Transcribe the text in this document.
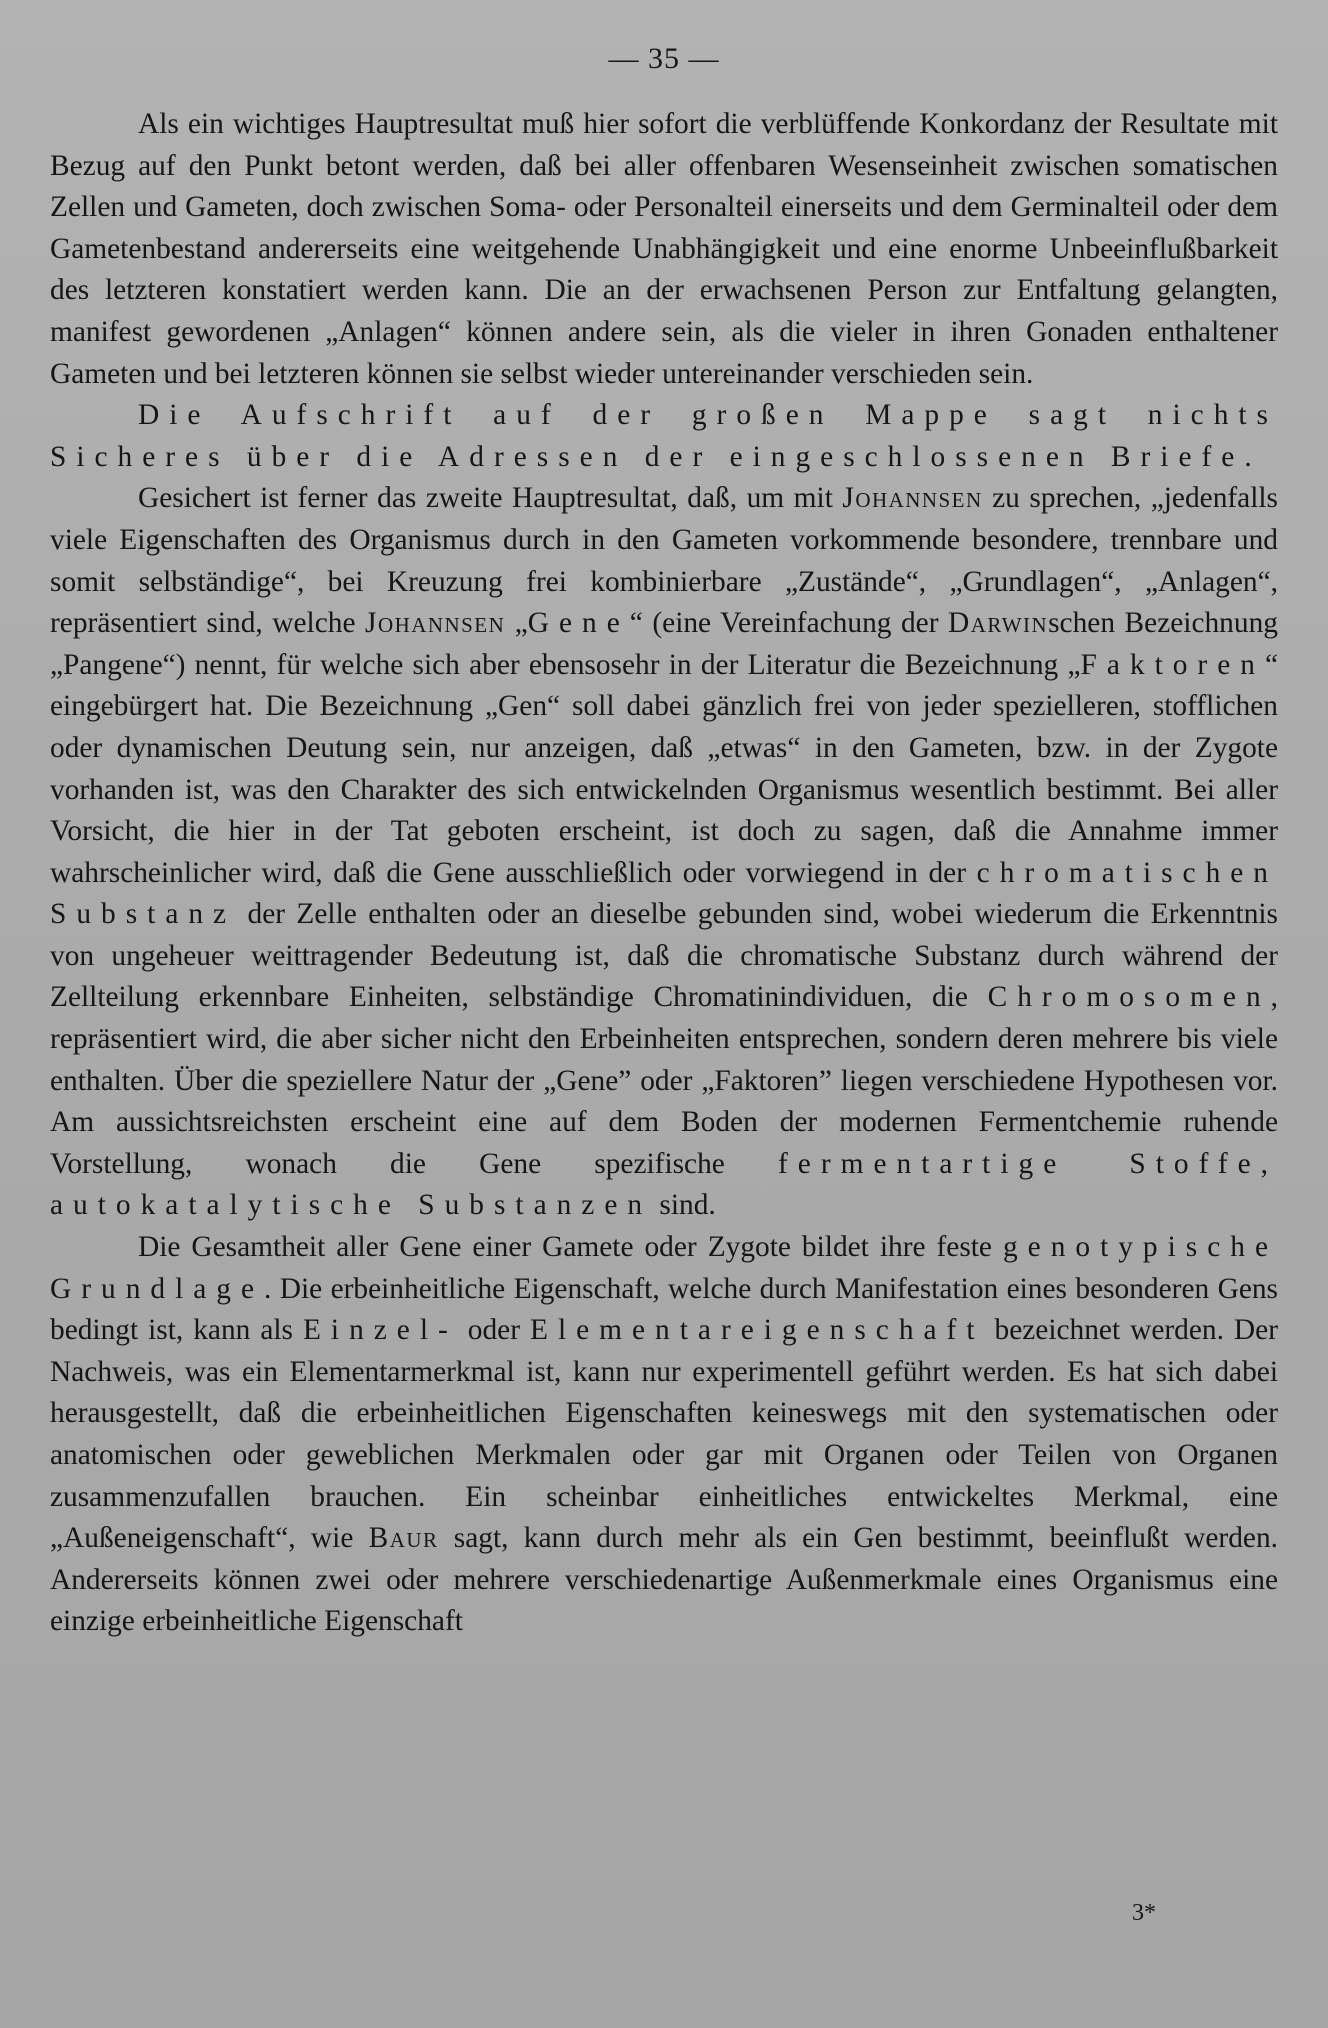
— 35 —

Als ein wichtiges Hauptresultat muß hier sofort die verblüffende Konkordanz der Resultate mit Bezug auf den Punkt betont werden, daß bei aller offenbaren Wesenseinheit zwischen somatischen Zellen und Gameten, doch zwischen Soma- oder Personalteil einerseits und dem Germinalteil oder dem Gametenbestand andererseits eine weitgehende Unabhängigkeit und eine enorme Unbeeinflußbarkeit des letzteren konstatiert werden kann. Die an der erwachsenen Person zur Entfaltung gelangten, manifest gewordenen „Anlagen“ können andere sein, als die vieler in ihren Gonaden enthaltener Gameten und bei letzteren können sie selbst wieder untereinander verschieden sein.

Die Aufschrift auf der großen Mappe sagt nichts Sicheres über die Adressen der eingeschlossenen Briefe.

Gesichert ist ferner das zweite Hauptresultat, daß, um mit Johannsen zu sprechen, „jedenfalls viele Eigenschaften des Organismus durch in den Gameten vorkommende besondere, trennbare und somit selbständige“, bei Kreuzung frei kombinierbare „Zustände“, „Grundlagen“, „Anlagen“, repräsentiert sind, welche Johannsen „Gene“ (eine Vereinfachung der Darwinschen Bezeichnung „Pangene“) nennt, für welche sich aber ebensosehr in der Literatur die Bezeichnung „Faktoren“ eingebürgert hat. Die Bezeichnung „Gen“ soll dabei gänzlich frei von jeder spezielleren, stofflichen oder dynamischen Deutung sein, nur anzeigen, daß „etwas“ in den Gameten, bzw. in der Zygote vorhanden ist, was den Charakter des sich entwickelnden Organismus wesentlich bestimmt. Bei aller Vorsicht, die hier in der Tat geboten erscheint, ist doch zu sagen, daß die Annahme immer wahrscheinlicher wird, daß die Gene ausschließlich oder vorwiegend in der chromatischen Substanz der Zelle enthalten oder an dieselbe gebunden sind, wobei wiederum die Erkenntnis von ungeheuer weittragender Bedeutung ist, daß die chromatische Substanz durch während der Zellteilung erkennbare Einheiten, selbständige Chromatinindividuen, die Chromosomen, repräsentiert wird, die aber sicher nicht den Erbeinheiten entsprechen, sondern deren mehrere bis viele enthalten. Über die speziellere Natur der „Gene” oder „Faktoren” liegen verschiedene Hypothesen vor. Am aussichtsreichsten erscheint eine auf dem Boden der modernen Fermentchemie ruhende Vorstellung, wonach die Gene spezifische fermentartige Stoffe, autokatalytische Substanzen sind.

Die Gesamtheit aller Gene einer Gamete oder Zygote bildet ihre feste genotypische Grundlage. Die erbeinheitliche Eigenschaft, welche durch Manifestation eines besonderen Gens bedingt ist, kann als Einzel- oder Elementareigenschaft bezeichnet werden. Der Nachweis, was ein Elementarmerkmal ist, kann nur experimentell geführt werden. Es hat sich dabei herausgestellt, daß die erbeinheitlichen Eigenschaften keineswegs mit den systematischen oder anatomischen oder geweblichen Merkmalen oder gar mit Organen oder Teilen von Organen zusammenzufallen brauchen. Ein scheinbar einheitliches entwickeltes Merkmal, eine „Außeneigenschaft“, wie Baur sagt, kann durch mehr als ein Gen bestimmt, beeinflußt werden. Andererseits können zwei oder mehrere verschiedenartige Außenmerkmale eines Organismus eine einzige erbeinheitliche Eigenschaft

3*
